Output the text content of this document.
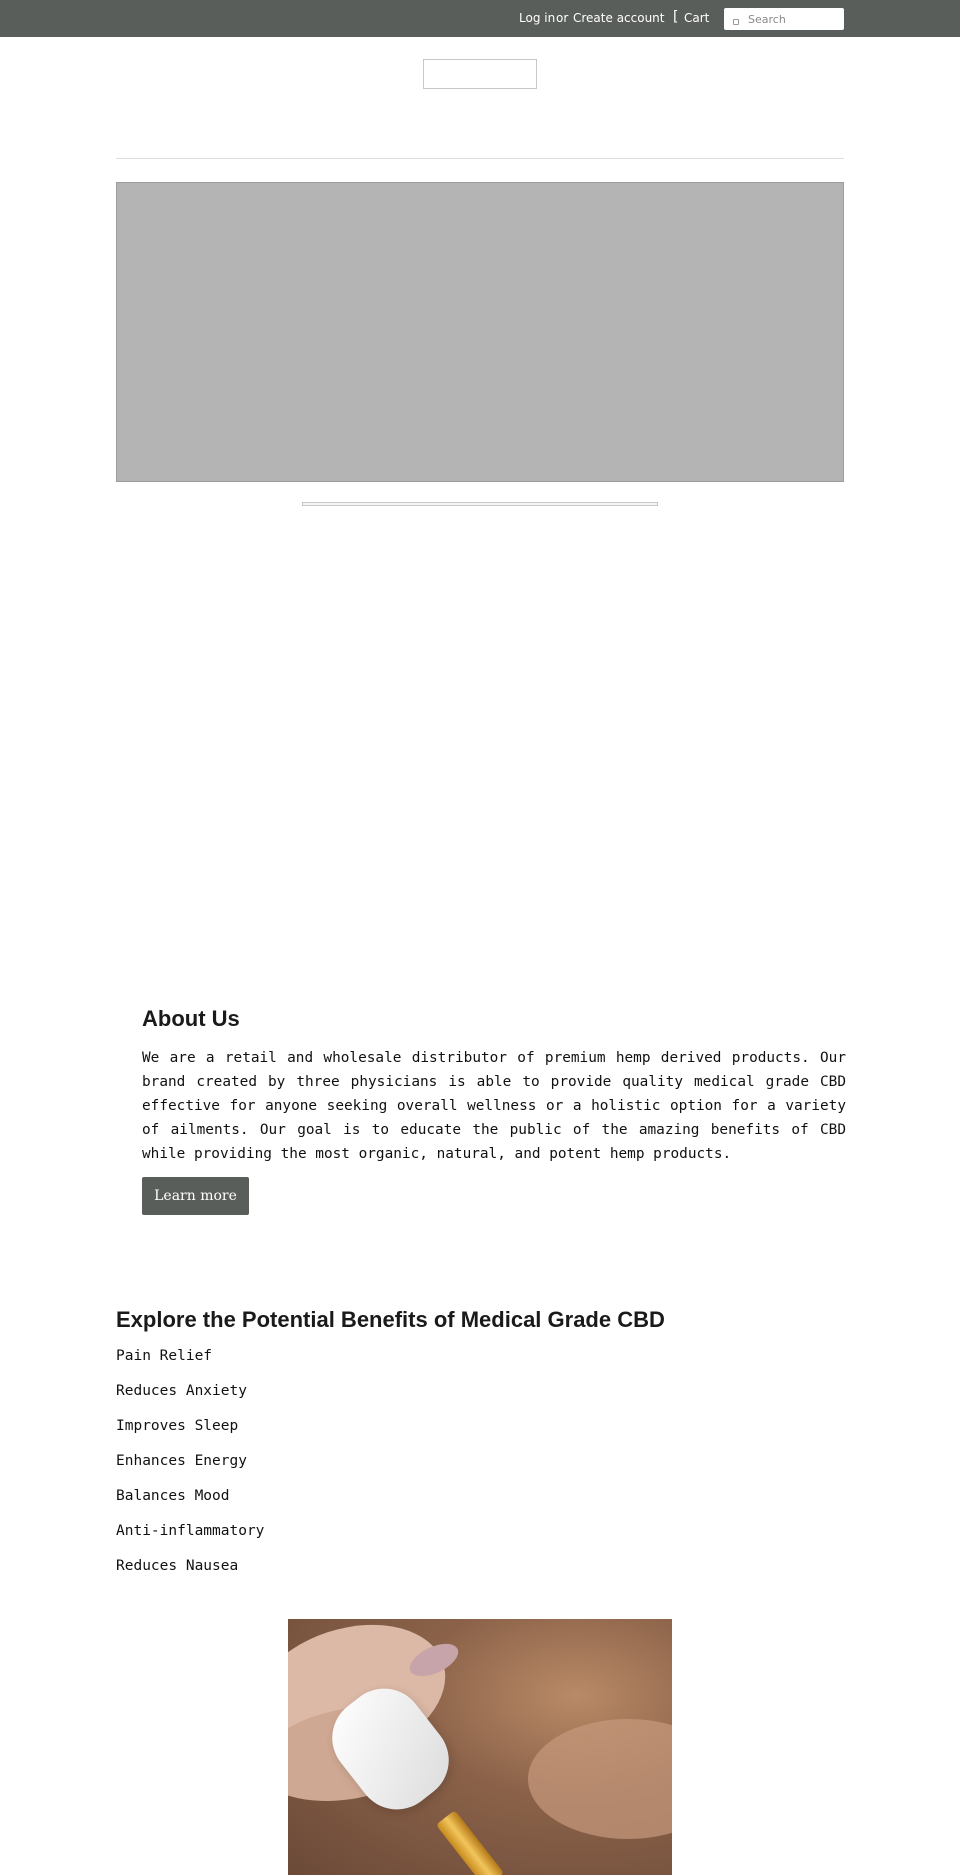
Log in or Create account [ Cart
Search
About Us

We are a retail and wholesale distributor of premium hemp derived products. Our brand created by three physicians is able to provide quality medical grade CBD effective for anyone seeking overall wellness or a holistic option for a variety of ailments. Our goal is to educate the public of the amazing benefits of CBD while providing the most organic, natural, and potent hemp products.

Learn more
Explore the Potential Benefits of Medical Grade CBD
Pain Relief
Reduces Anxiety
Improves Sleep
Enhances Energy
Balances Mood
Anti-inflammatory
Reduces Nausea
